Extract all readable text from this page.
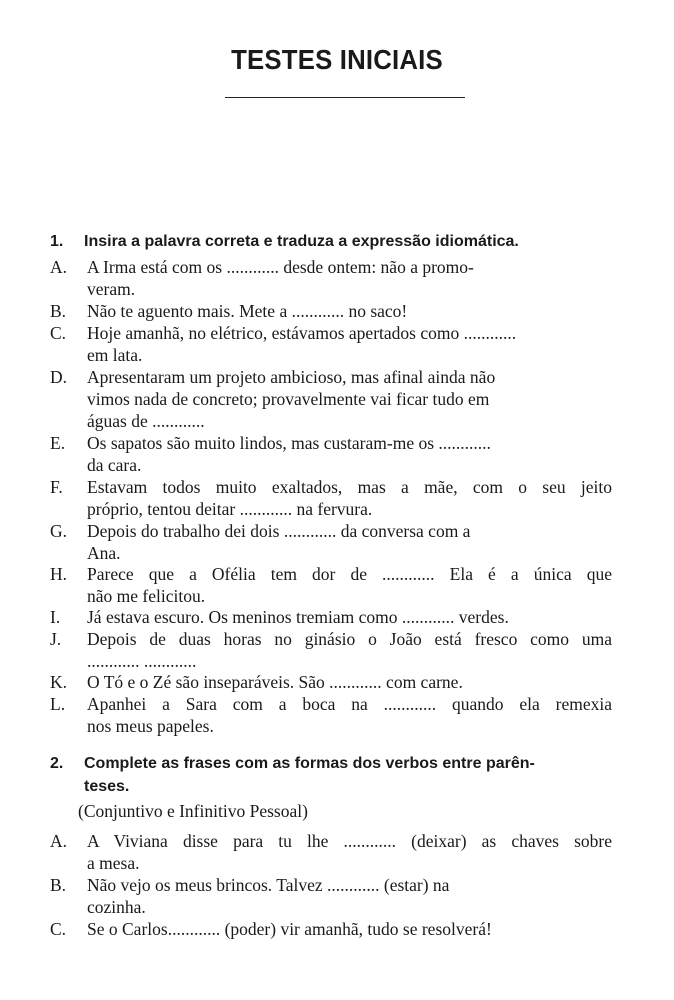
TESTES INICIAIS
1. Insira a palavra correta e traduza a expressão idiomática.
A.	A Irma está com os ............ desde ontem: não a promo-
veram.
B.	Não te aguento mais. Mete a ............ no saco!
C.	Hoje amanhã, no elétrico, estávamos apertados como ............
em lata.
D.	Apresentaram um projeto ambicioso, mas afinal ainda não
vimos nada de concreto; provavelmente vai ficar tudo em
águas de ............
E.	Os sapatos são muito lindos, mas custaram-me os ............
da cara.
F.	Estavam todos muito exaltados, mas a mãe, com o seu jeito
próprio, tentou deitar ............ na fervura.
G.	Depois do trabalho dei dois ............ da conversa com a
Ana.
H.	Parece que a Ofélia tem dor de ............ Ela é a única que
não me felicitou.
I.	Já estava escuro. Os meninos tremiam como ............ verdes.
J.	Depois de duas horas no ginásio o João está fresco como uma
............ ............
K.	O Tó e o Zé são inseparáveis. São ............ com carne.
L.	Apanhei a Sara com a boca na ............ quando ela remexia
nos meus papeles.
2. Complete as frases com as formas dos verbos entre parên-
teses.
(Conjuntivo e Infinitivo Pessoal)
A.	A Viviana disse para tu lhe ............ (deixar) as chaves sobre
a mesa.
B.	Não vejo os meus brincos. Talvez ............ (estar) na
cozinha.
C.	Se o Carlos............ (poder) vir amanhã, tudo se resolverá!
